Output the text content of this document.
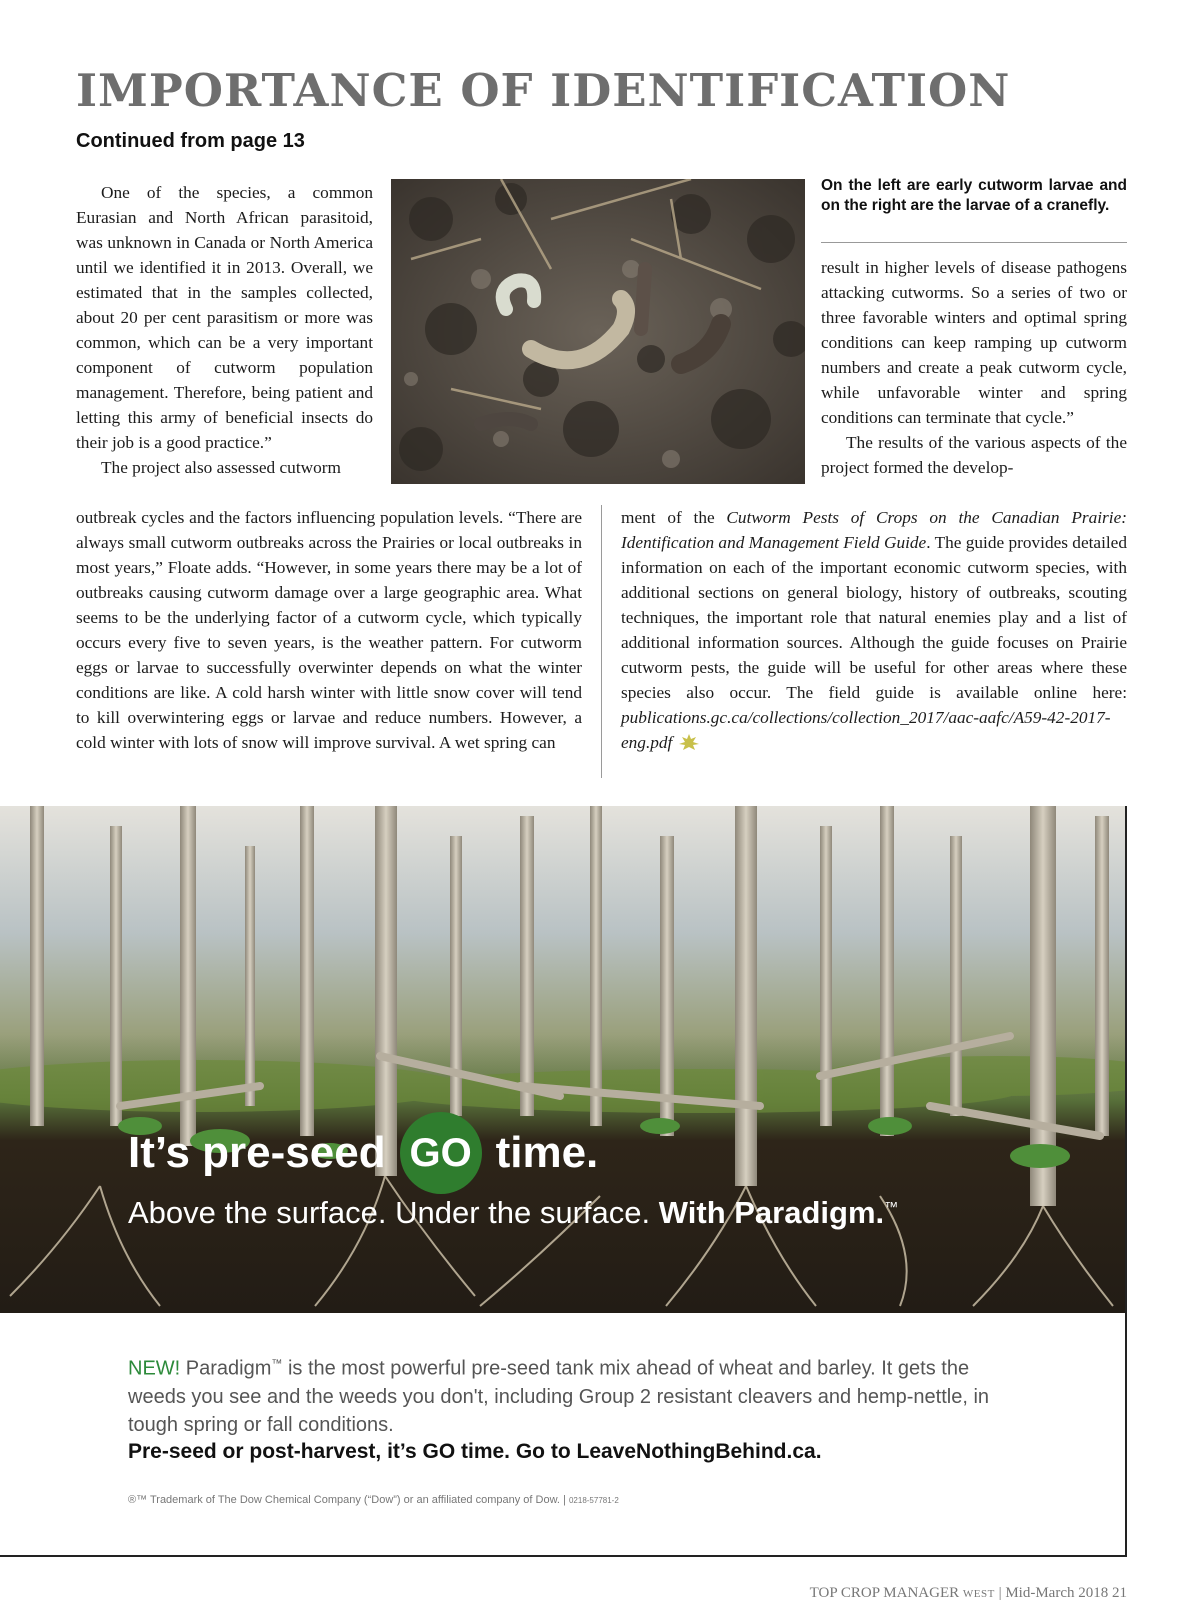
IMPORTANCE OF IDENTIFICATION
Continued from page 13

One of the species, a common Eurasian and North African parasitoid, was unknown in Canada or North America until we identified it in 2013. Overall, we estimated that in the samples collected, about 20 per cent parasitism or more was common, which can be a very important component of cutworm population management. Therefore, being patient and letting this army of beneficial insects do their job is a good practice.”

The project also assessed cutworm

On the left are early cutworm larvae and on the right are the larvae of a cranefly.

result in higher levels of disease pathogens attacking cutworms. So a series of two or three favorable winters and optimal spring conditions can keep ramping up cutworm numbers and create a peak cutworm cycle, while unfavorable winter and spring conditions can terminate that cycle.”

The results of the various aspects of the project formed the develop-

outbreak cycles and the factors influencing population levels. “There are always small cutworm outbreaks across the Prairies or local outbreaks in most years,” Floate adds. “However, in some years there may be a lot of outbreaks causing cutworm damage over a large geographic area. What seems to be the underlying factor of a cutworm cycle, which typically occurs every five to seven years, is the weather pattern. For cutworm eggs or larvae to successfully overwinter depends on what the winter conditions are like. A cold harsh winter with little snow cover will tend to kill overwintering eggs or larvae and reduce numbers. However, a cold winter with lots of snow will improve survival. A wet spring can

ment of the Cutworm Pests of Crops on the Canadian Prairie: Identification and Management Field Guide. The guide provides detailed information on each of the important economic cutworm species, with additional sections on general biology, history of outbreaks, scouting techniques, the important role that natural enemies play and a list of additional information sources. Although the guide focuses on Prairie cutworm pests, the guide will be useful for other areas where these species also occur. The field guide is available online here: publications.gc.ca/collections/collection_2017/aac-aafc/A59-42-2017-eng.pdf

It’s pre-seed GO time.
Above the surface. Under the surface. With Paradigm.™
NEW! Paradigm™ is the most powerful pre-seed tank mix ahead of wheat and barley. It gets the weeds you see and the weeds you don't, including Group 2 resistant cleavers and hemp-nettle, in tough spring or fall conditions.
Pre-seed or post-harvest, it’s GO time. Go to LeaveNothingBehind.ca.
®™ Trademark of The Dow Chemical Company (“Dow”) or an affiliated company of Dow. | 0218-57781-2
TOP CROP MANAGER WEST | Mid-March 2018 21
